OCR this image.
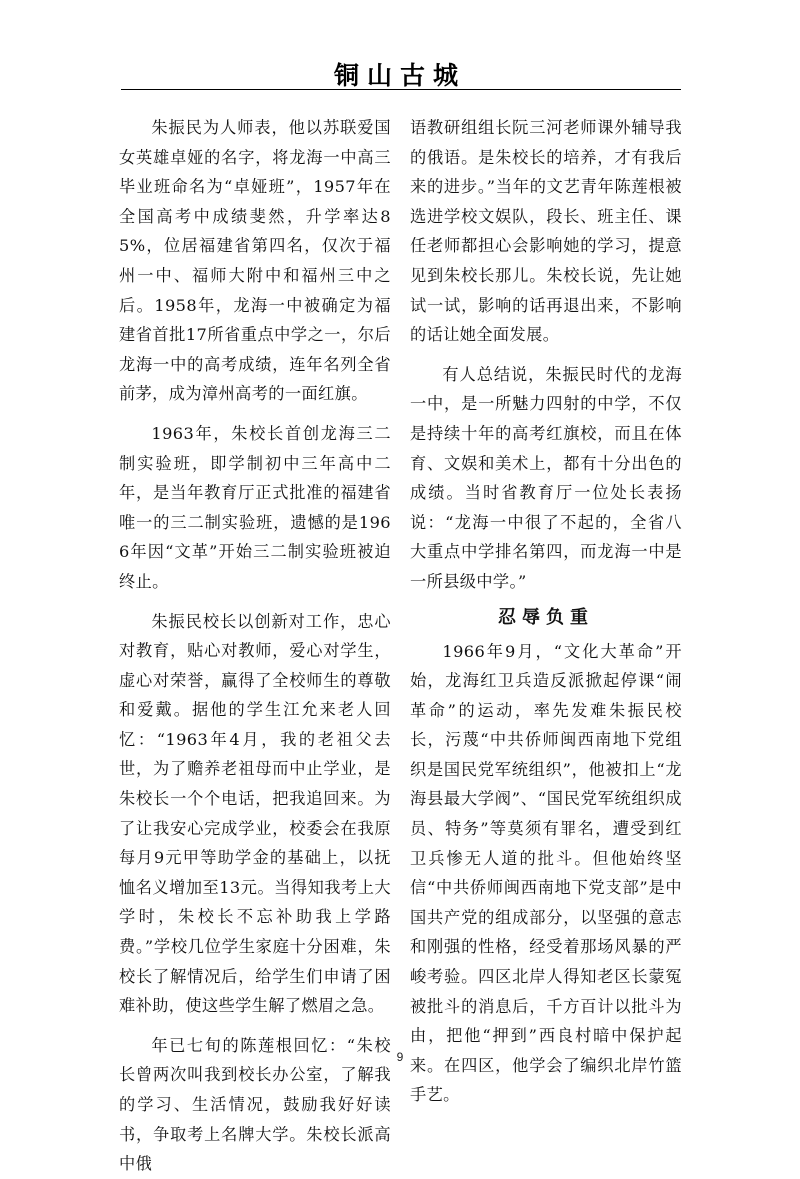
铜山古城

朱振民为人师表，他以苏联爱国女英雄卓娅的名字，将龙海一中高三毕业班命名为“卓娅班”，1957年在全国高考中成绩斐然，升学率达85%，位居福建省第四名，仅次于福州一中、福师大附中和福州三中之后。1958年，龙海一中被确定为福建省首批17所省重点中学之一，尔后龙海一中的高考成绩，连年名列全省前茅，成为漳州高考的一面红旗。

1963年，朱校长首创龙海三二制实验班，即学制初中三年高中二年，是当年教育厅正式批准的福建省唯一的三二制实验班，遗憾的是1966年因“文革”开始三二制实验班被迫终止。

朱振民校长以创新对工作，忠心对教育，贴心对教师，爱心对学生，虚心对荣誉，赢得了全校师生的尊敬和爱戴。据他的学生江允来老人回忆：“1963年4月，我的老祖父去世，为了赡养老祖母而中止学业，是朱校长一个个电话，把我追回来。为了让我安心完成学业，校委会在我原每月9元甲等助学金的基础上，以抚恤名义增加至13元。当得知我考上大学时，朱校长不忘补助我上学路费。”学校几位学生家庭十分困难，朱校长了解情况后，给学生们申请了困难补助，使这些学生解了燃眉之急。

年已七旬的陈莲根回忆：“朱校长曾两次叫我到校长办公室，了解我的学习、生活情况，鼓励我好好读书，争取考上名牌大学。朱校长派高中俄

语教研组组长阮三河老师课外辅导我的俄语。是朱校长的培养，才有我后来的进步。”当年的文艺青年陈莲根被选进学校文娱队，段长、班主任、课任老师都担心会影响她的学习，提意见到朱校长那儿。朱校长说，先让她试一试，影响的话再退出来，不影响的话让她全面发展。

有人总结说，朱振民时代的龙海一中，是一所魅力四射的中学，不仅是持续十年的高考红旗校，而且在体育、文娱和美术上，都有十分出色的成绩。当时省教育厅一位处长表扬说：“龙海一中很了不起的，全省八大重点中学排名第四，而龙海一中是一所县级中学。”

忍辱负重

1966年9月，“文化大革命”开始，龙海红卫兵造反派掀起停课“闹革命”的运动，率先发难朱振民校长，污蔑“中共侨师闽西南地下党组织是国民党军统组织”，他被扣上“龙海县最大学阀”、“国民党军统组织成员、特务”等莫须有罪名，遭受到红卫兵惨无人道的批斗。但他始终坚信“中共侨师闽西南地下党支部”是中国共产党的组成部分，以坚强的意志和刚强的性格，经受着那场风暴的严峻考验。四区北岸人得知老区长蒙冤被批斗的消息后，千方百计以批斗为由，把他“押到”西良村暗中保护起来。在四区，他学会了编织北岸竹篮手艺。

9
